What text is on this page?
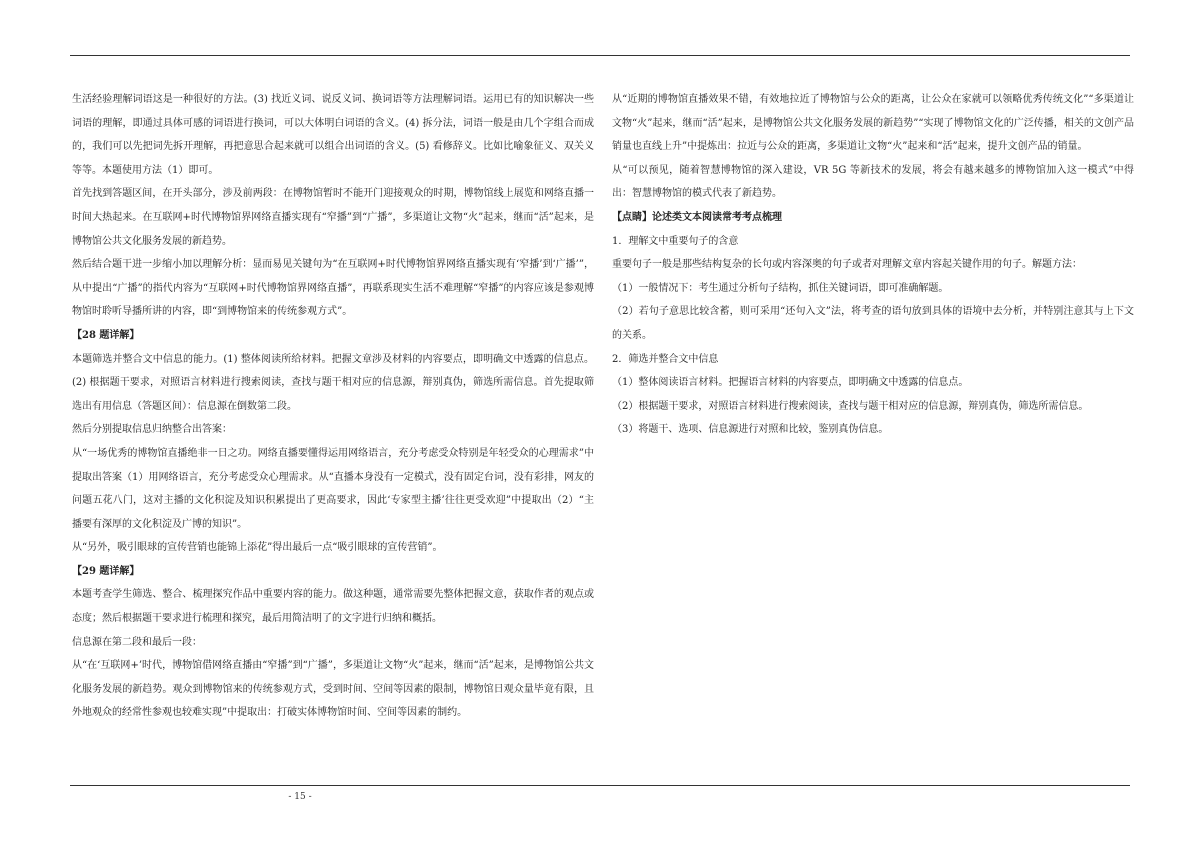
生活经验理解词语这是一种很好的方法。(3) 找近义词、说反义词、换词语等方法理解词语。运用已有的知识解决一些词语的理解，即通过具体可感的词语进行换词，可以大体明白词语的含义。(4) 拆分法，词语一般是由几个字组合而成的，我们可以先把词先拆开理解，再把意思合起来就可以组合出词语的含义。(5) 看修辞义。比如比喻象征义、双关义等等。本题使用方法（1）即可。

首先找到答题区间，在开头部分，涉及前两段：在博物馆暂时不能开门迎接观众的时期，博物馆线上展览和网络直播一时间大热起来。在互联网+时代博物馆界网络直播实现有“窄播”到“广播”，多渠道让文物“火”起来，继而“活”起来，是博物馆公共文化服务发展的新趋势。

然后结合题干进一步缩小加以理解分析：显而易见关键句为“在互联网+时代博物馆界网络直播实现有‘窄播’到‘广播’”，从中提出“广播”的指代内容为“互联网+时代博物馆界网络直播”，再联系现实生活不难理解“窄播”的内容应该是参观博物馆时聆听导播所讲的内容，即“到博物馆来的传统参观方式”。

【28 题详解】

本题筛选并整合文中信息的能力。(1) 整体阅读所给材料。把握文章涉及材料的内容要点，即明确文中透露的信息点。(2) 根据题干要求，对照语言材料进行搜索阅读，查找与题干相对应的信息源，辩别真伪，筛选所需信息。首先提取筛选出有用信息（答题区间）：信息源在倒数第二段。

然后分别提取信息归纳整合出答案：

从“一场优秀的博物馆直播绝非一日之功。网络直播要懂得运用网络语言，充分考虑受众特别是年轻受众的心理需求”中提取出答案（1）用网络语言，充分考虑受众心理需求。从“直播本身没有一定模式，没有固定台词，没有彩排，网友的问题五花八门，这对主播的文化积淀及知识积累提出了更高要求，因此‘专家型主播’往往更受欢迎”中提取出（2）“主播要有深厚的文化积淀及广博的知识”。

从“另外，吸引眼球的宣传营销也能锦上添花”得出最后一点“吸引眼球的宣传营销”。

【29 题详解】

本题考查学生筛选、整合、梳理探究作品中重要内容的能力。做这种题，通常需要先整体把握文意，获取作者的观点或态度；然后根据题干要求进行梳理和探究，最后用简洁明了的文字进行归纳和概括。

信息源在第二段和最后一段：

从“在‘互联网+’时代，博物馆借网络直播由“窄播”到“广播”，多渠道让文物“火”起来，继而“活”起来，是博物馆公共文化服务发展的新趋势。观众到博物馆来的传统参观方式，受到时间、空间等因素的限制，博物馆日观众量毕竟有限，且外地观众的经常性参观也较难实现”中提取出：打破实体博物馆时间、空间等因素的制约。

从“近期的博物馆直播效果不错，有效地拉近了博物馆与公众的距离，让公众在家就可以领略优秀传统文化”“多渠道让文物“火”起来，继而“活”起来，是博物馆公共文化服务发展的新趋势”“实现了博物馆文化的广泛传播，相关的文创产品销量也直线上升”中提炼出：拉近与公众的距离，多渠道让文物“火”起来和“活”起来，提升文创产品的销量。

从“可以预见，随着智慧博物馆的深入建设，VR 5G 等新技术的发展，将会有越来越多的博物馆加入这一模式”中得出：智慧博物馆的模式代表了新趋势。

【点睛】论述类文本阅读常考考点梳理

1．理解文中重要句子的含意

重要句子一般是那些结构复杂的长句或内容深奥的句子或者对理解文章内容起关键作用的句子。解题方法：

（1）一般情况下：考生通过分析句子结构，抓住关键词语，即可准确解题。

（2）若句子意思比较含蓄，则可采用“还句入文”法，将考查的语句放到具体的语境中去分析，并特别注意其与上下文的关系。

2．筛选并整合文中信息

（1）整体阅读语言材料。把握语言材料的内容要点，即明确文中透露的信息点。

（2）根据题干要求，对照语言材料进行搜索阅读，查找与题干相对应的信息源，辩别真伪，筛选所需信息。

（3）将题干、选项、信息源进行对照和比较，鉴别真伪信息。

- 15 -
